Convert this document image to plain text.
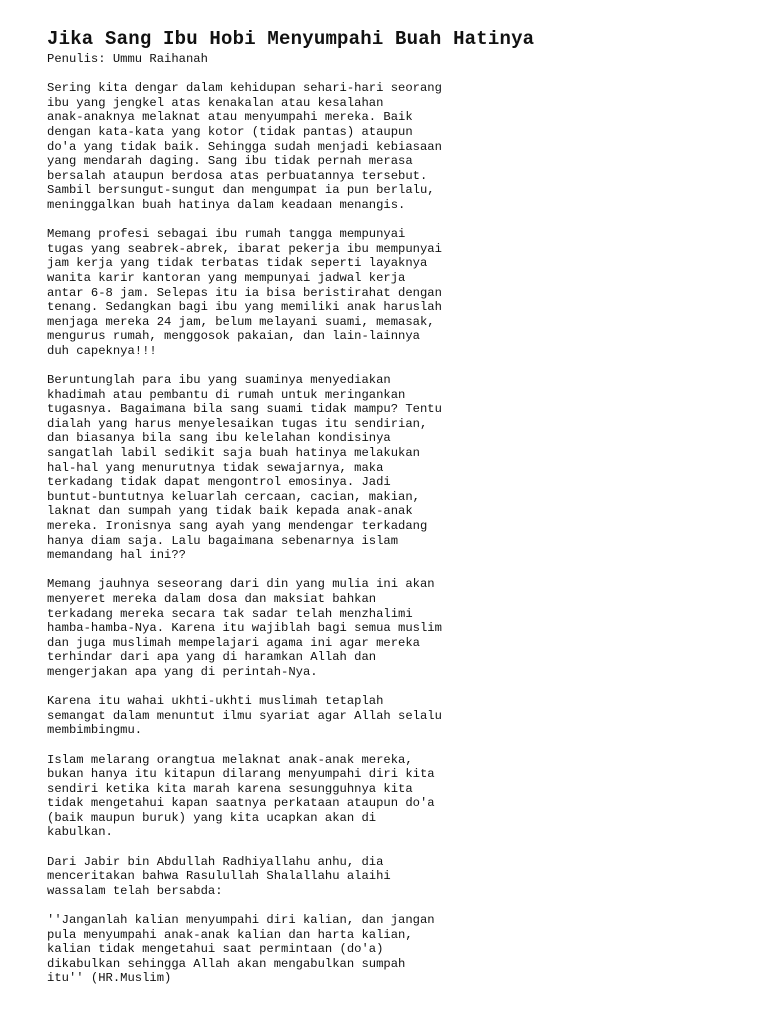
Jika Sang Ibu Hobi Menyumpahi Buah Hatinya
Penulis: Ummu Raihanah

Sering kita dengar dalam kehidupan sehari-hari seorang
ibu yang jengkel atas kenakalan atau kesalahan
anak-anaknya melaknat atau menyumpahi mereka. Baik
dengan kata-kata yang kotor (tidak pantas) ataupun
do'a yang tidak baik. Sehingga sudah menjadi kebiasaan
yang mendarah daging. Sang ibu tidak pernah merasa
bersalah ataupun berdosa atas perbuatannya tersebut.
Sambil bersungut-sungut dan mengumpat ia pun berlalu,
meninggalkan buah hatinya dalam keadaan menangis.

Memang profesi sebagai ibu rumah tangga mempunyai
tugas yang seabrek-abrek, ibarat pekerja ibu mempunyai
jam kerja yang tidak terbatas tidak seperti layaknya
wanita karir kantoran yang mempunyai jadwal kerja
antar 6-8 jam. Selepas itu ia bisa beristirahat dengan
tenang. Sedangkan bagi ibu yang memiliki anak haruslah
menjaga mereka 24 jam, belum melayani suami, memasak,
mengurus rumah, menggosok pakaian, dan lain-lainnya
duh capeknya!!!

Beruntunglah para ibu yang suaminya menyediakan
khadimah atau pembantu di rumah untuk meringankan
tugasnya. Bagaimana bila sang suami tidak mampu? Tentu
dialah yang harus menyelesaikan tugas itu sendirian,
dan biasanya bila sang ibu kelelahan kondisinya
sangatlah labil sedikit saja buah hatinya melakukan
hal-hal yang menurutnya tidak sewajarnya, maka
terkadang tidak dapat mengontrol emosinya. Jadi
buntut-buntutnya keluarlah cercaan, cacian, makian,
laknat dan sumpah yang tidak baik kepada anak-anak
mereka. Ironisnya sang ayah yang mendengar terkadang
hanya diam saja. Lalu bagaimana sebenarnya islam
memandang hal ini??

Memang jauhnya seseorang dari din yang mulia ini akan
menyeret mereka dalam dosa dan maksiat bahkan
terkadang mereka secara tak sadar telah menzhalimi
hamba-hamba-Nya. Karena itu wajiblah bagi semua muslim
dan juga muslimah mempelajari agama ini agar mereka
terhindar dari apa yang di haramkan Allah dan
mengerjakan apa yang di perintah-Nya.

Karena itu wahai ukhti-ukhti muslimah tetaplah
semangat dalam menuntut ilmu syariat agar Allah selalu
membimbingmu.

Islam melarang orangtua melaknat anak-anak mereka,
bukan hanya itu kitapun dilarang menyumpahi diri kita
sendiri ketika kita marah karena sesungguhnya kita
tidak mengetahui kapan saatnya perkataan ataupun do'a
(baik maupun buruk) yang kita ucapkan akan di
kabulkan.

Dari Jabir bin Abdullah Radhiyallahu anhu, dia
menceritakan bahwa Rasulullah Shalallahu alaihi
wassalam telah bersabda:

''Janganlah kalian menyumpahi diri kalian, dan jangan
pula menyumpahi anak-anak kalian dan harta kalian,
kalian tidak mengetahui saat permintaan (do'a)
dikabulkan sehingga Allah akan mengabulkan sumpah
itu'' (HR.Muslim)
